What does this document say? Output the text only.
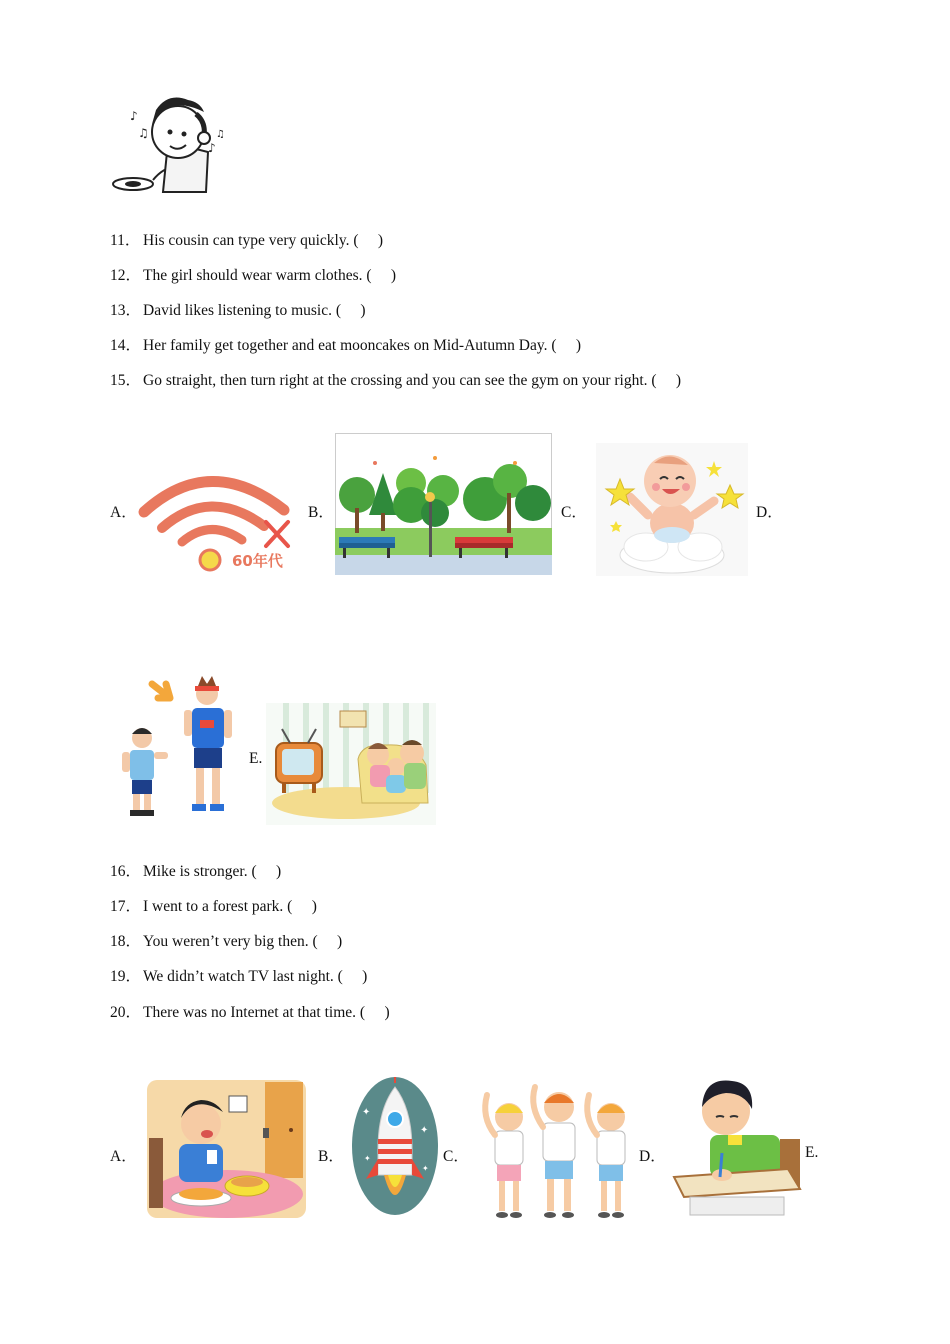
♪
♫
♪
♫
11． His cousin can type very quickly. (　 )
12． The girl should wear warm clothes. (　 )
13． David likes listening to music. (　 )
14． Her family get together and eat mooncakes on Mid-Autumn Day. (　 )
15． Go straight, then turn right at the crossing and you can see the gym on your right. (　 )
A．
60年代
B．	C．	D．
E.
16． Mike is stronger. (　 )
17． I went to a forest park. (　 )
18． You weren’t very big then. (　 )
19． We didn’t watch TV last night. (　 )
20． There was no Internet at that time. (　 )
A．	B．
✦
✦
✦
✦
C．	D．	E.
